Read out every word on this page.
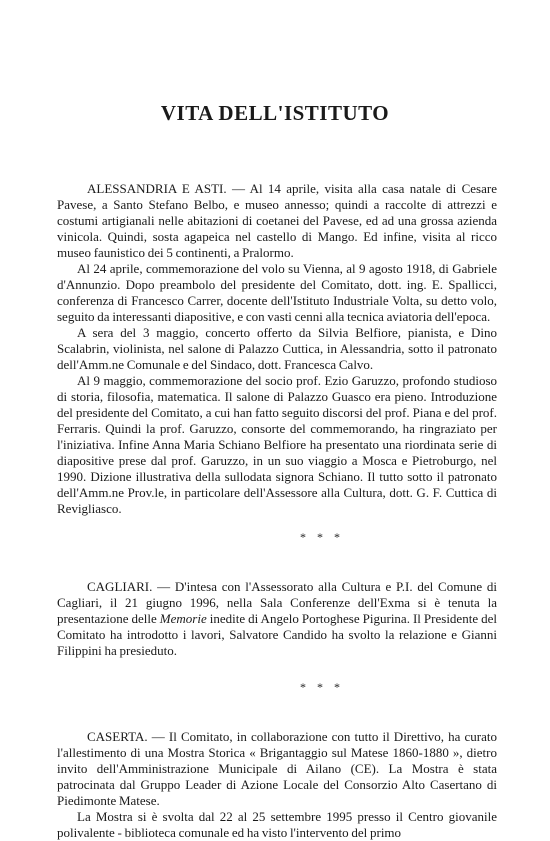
VITA DELL'ISTITUTO

ALESSANDRIA E ASTI. — Al 14 aprile, visita alla casa natale di Cesare Pavese, a Santo Stefano Belbo, e museo annesso; quindi a raccolte di attrezzi e costumi artigianali nelle abitazioni di coetanei del Pavese, ed ad una grossa azienda vinicola. Quindi, sosta agapeica nel castello di Mango. Ed infine, visita al ricco museo faunistico dei 5 continenti, a Pralormo.

Al 24 aprile, commemorazione del volo su Vienna, al 9 agosto 1918, di Gabriele d'Annunzio. Dopo preambolo del presidente del Comitato, dott. ing. E. Spallicci, conferenza di Francesco Carrer, docente dell'Istituto Industriale Volta, su detto volo, seguito da interessanti diapositive, e con vasti cenni alla tecnica aviatoria dell'epoca.

A sera del 3 maggio, concerto offerto da Silvia Belfiore, pianista, e Dino Scalabrin, violinista, nel salone di Palazzo Cuttica, in Alessandria, sotto il patronato dell'Amm.ne Comunale e del Sindaco, dott. Francesca Calvo.

Al 9 maggio, commemorazione del socio prof. Ezio Garuzzo, profondo studioso di storia, filosofia, matematica. Il salone di Palazzo Guasco era pieno. Introduzione del presidente del Comitato, a cui han fatto seguito discorsi del prof. Piana e del prof. Ferraris. Quindi la prof. Garuzzo, consorte del commemorando, ha ringraziato per l'iniziativa. Infine Anna Maria Schiano Belfiore ha presentato una riordinata serie di diapositive prese dal prof. Garuzzo, in un suo viaggio a Mosca e Pietroburgo, nel 1990. Dizione illustrativa della sullodata signora Schiano. Il tutto sotto il patronato dell'Amm.ne Prov.le, in particolare dell'Assessore alla Cultura, dott. G. F. Cuttica di Revigliasco.

* * *

CAGLIARI. — D'intesa con l'Assessorato alla Cultura e P.I. del Comune di Cagliari, il 21 giugno 1996, nella Sala Conferenze dell'Exma si è tenuta la presentazione delle Memorie inedite di Angelo Portoghese Pigurina. Il Presidente del Comitato ha introdotto i lavori, Salvatore Candido ha svolto la relazione e Gianni Filippini ha presieduto.

* * *

CASERTA. — Il Comitato, in collaborazione con tutto il Direttivo, ha curato l'allestimento di una Mostra Storica « Brigantaggio sul Matese 1860-1880 », dietro invito dell'Amministrazione Municipale di Ailano (CE). La Mostra è stata patrocinata dal Gruppo Leader di Azione Locale del Consorzio Alto Casertano di Piedimonte Matese.

La Mostra si è svolta dal 22 al 25 settembre 1995 presso il Centro giovanile polivalente - biblioteca comunale ed ha visto l'intervento del primo
